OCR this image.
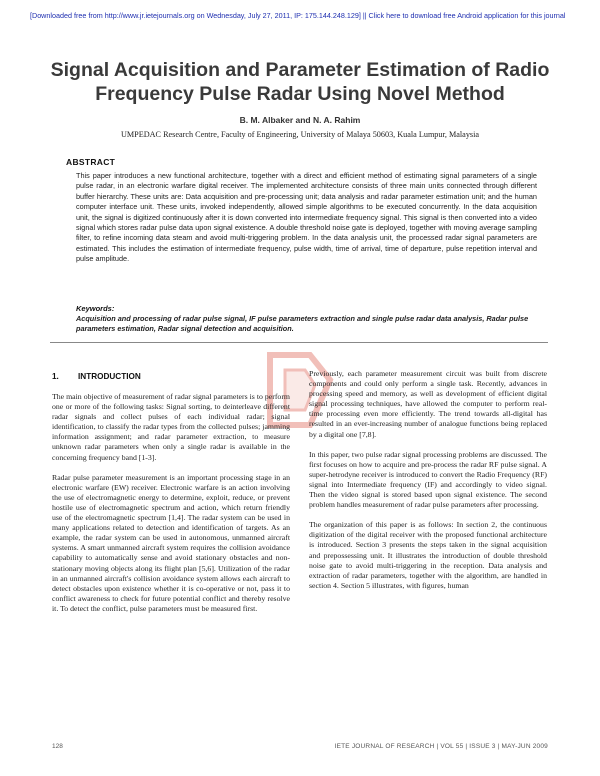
[Downloaded free from http://www.jr.ietejournals.org on Wednesday, July 27, 2011, IP: 175.144.248.129] || Click here to download free Android application for this journal
Signal Acquisition and Parameter Estimation of Radio Frequency Pulse Radar Using Novel Method
B. M. Albaker and N. A. Rahim
UMPEDAC Research Centre, Faculty of Engineering, University of Malaya 50603, Kuala Lumpur, Malaysia
ABSTRACT
This paper introduces a new functional architecture, together with a direct and efficient method of estimating signal parameters of a single pulse radar, in an electronic warfare digital receiver. The implemented architecture consists of three main units connected through different buffer hierarchy. These units are: Data acquisition and pre-processing unit; data analysis and radar parameter estimation unit; and the human computer interface unit. These units, invoked independently, allowed simple algorithms to be executed concurrently. In the data acquisition unit, the signal is digitized continuously after it is down converted into intermediate frequency signal. This signal is then converted into a video signal which stores radar pulse data upon signal existence. A double threshold noise gate is deployed, together with moving average sampling filter, to refine incoming data steam and avoid multi-triggering problem. In the data analysis unit, the processed radar signal parameters are estimated. This includes the estimation of intermediate frequency, pulse width, time of arrival, time of departure, pulse repetition interval and pulse amplitude.
Keywords:
Acquisition and processing of radar pulse signal, IF pulse parameters extraction and single pulse radar data analysis, Radar pulse parameters estimation, Radar signal detection and acquisition.
1. INTRODUCTION

The main objective of measurement of radar signal parameters is to perform one or more of the following tasks: Signal sorting, to deinterleave different radar signals and collect pulses of each individual radar; signal identification, to classify the radar types from the collected pulses; jamming information assignment; and radar parameter extraction, to measure unknown radar parameters when only a single radar is available in the concerning frequency band [1-3].

Radar pulse parameter measurement is an important processing stage in an electronic warfare (EW) receiver. Electronic warfare is an action involving the use of electromagnetic energy to determine, exploit, reduce, or prevent hostile use of electromagnetic spectrum and action, which return friendly use of the electromagnetic spectrum [1,4]. The radar system can be used in many applications related to detection and identification of targets. As an example, the radar system can be used in autonomous, unmanned aircraft systems. A smart unmanned aircraft system requires the collision avoidance capability to automatically sense and avoid stationary obstacles and non-stationary moving objects along its flight plan [5,6]. Utilization of the radar in an unmanned aircraft's collision avoidance system allows each aircraft to detect obstacles upon existence whether it is co-operative or not, pass it to conflict awareness to check for future potential conflict and thereby resolve it. To detect the conflict, pulse parameters must be measured first.

Previously, each parameter measurement circuit was built from discrete components and could only perform a single task. Recently, advances in processing speed and memory, as well as development of efficient digital signal processing techniques, have allowed the computer to perform real-time processing even more efficiently. The trend towards all-digital has resulted in an ever-increasing number of analogue functions being replaced by a digital one [7,8].

In this paper, two pulse radar signal processing problems are discussed. The first focuses on how to acquire and pre-process the radar RF pulse signal. A super-hetrodyne receiver is introduced to convert the Radio Frequency (RF) signal into Intermediate frequency (IF) and accordingly to video signal. Then the video signal is stored based upon signal existence. The second problem handles measurement of radar pulse parameters after processing.

The organization of this paper is as follows: In section 2, the continuous digitization of the digital receiver with the proposed functional architecture is introduced. Section 3 presents the steps taken in the signal acquisition and prepossessing unit. It illustrates the introduction of double threshold noise gate to avoid multi-triggering in the reception. Data analysis and extraction of radar parameters, together with the algorithm, are handled in section 4. Section 5 illustrates, with figures, human

128	IETE JOURNAL OF RESEARCH | VOL 55 | ISSUE 3 | MAY-JUN 2009
